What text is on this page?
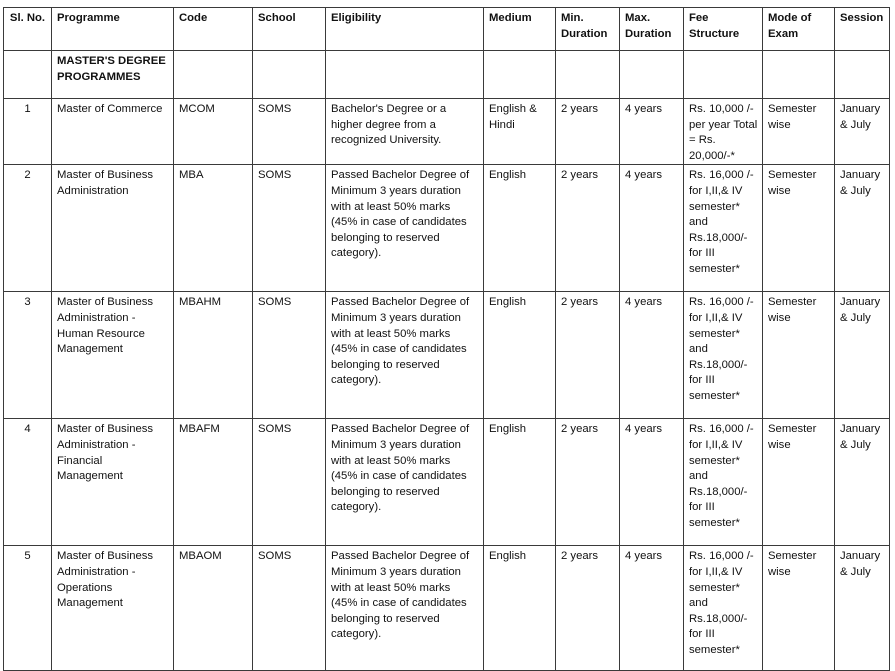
Sl. No.	Programme	Code	School	Eligibility	Medium	Min. Duration	Max. Duration	Fee Structure	Mode of Exam	Session
	MASTER'S DEGREE PROGRAMMES									
1	Master of Commerce	MCOM	SOMS	Bachelor's Degree or a higher degree from a recognized University.	English & Hindi	2 years	4 years	Rs. 10,000 /- per year Total = Rs. 20,000/-*	Semester wise	January & July
2	Master of Business Administration	MBA	SOMS	Passed Bachelor Degree of Minimum 3 years duration with at least 50% marks (45% in case of candidates belonging to reserved category).	English	2 years	4 years	Rs. 16,000 /- for I,II,& IV semester* and Rs.18,000/- for III semester*	Semester wise	January & July
3	Master of Business Administration - Human Resource Management	MBAHM	SOMS	Passed Bachelor Degree of Minimum 3 years duration with at least 50% marks (45% in case of candidates belonging to reserved category).	English	2 years	4 years	Rs. 16,000 /- for I,II,& IV semester* and Rs.18,000/- for III semester*	Semester wise	January & July
4	Master of Business Administration - Financial Management	MBAFM	SOMS	Passed Bachelor Degree of Minimum 3 years duration with at least 50% marks (45% in case of candidates belonging to reserved category).	English	2 years	4 years	Rs. 16,000 /- for I,II,& IV semester* and Rs.18,000/- for III semester*	Semester wise	January & July
5	Master of Business Administration - Operations Management	MBAOM	SOMS	Passed Bachelor Degree of Minimum 3 years duration with at least 50% marks (45% in case of candidates belonging to reserved category).	English	2 years	4 years	Rs. 16,000 /- for I,II,& IV semester* and Rs.18,000/- for III semester*	Semester wise	January & July
